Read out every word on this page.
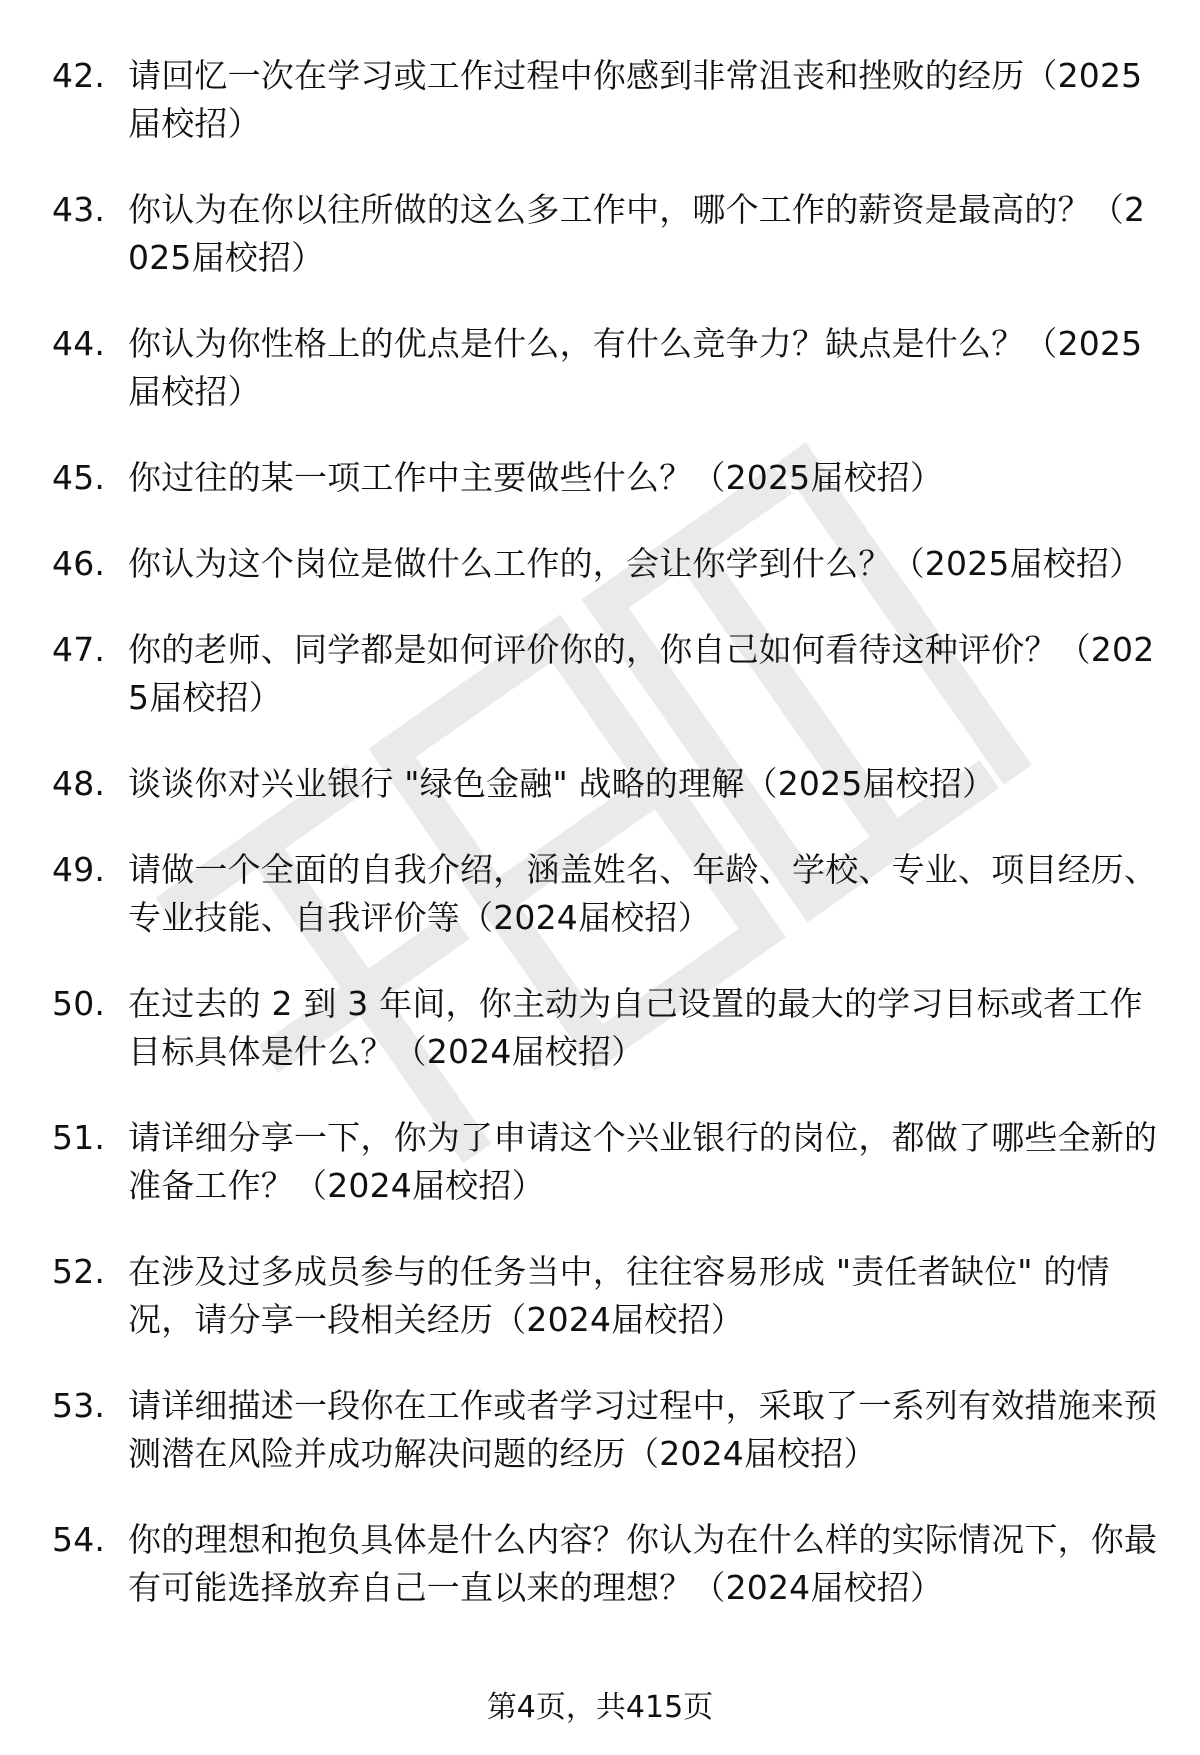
42. 请回忆一次在学习或工作过程中你感到非常沮丧和挫败的经历（2025届校招）
43. 你认为在你以往所做的这么多工作中，哪个工作的薪资是最高的？（2025届校招）
44. 你认为你性格上的优点是什么，有什么竞争力？缺点是什么？（2025届校招）
45. 你过往的某一项工作中主要做些什么？（2025届校招）
46. 你认为这个岗位是做什么工作的，会让你学到什么？（2025届校招）
47. 你的老师、同学都是如何评价你的，你自己如何看待这种评价？（2025届校招）
48. 谈谈你对兴业银行 "绿色金融" 战略的理解（2025届校招）
49. 请做一个全面的自我介绍，涵盖姓名、年龄、学校、专业、项目经历、专业技能、自我评价等（2024届校招）
50. 在过去的 2 到 3 年间，你主动为自己设置的最大的学习目标或者工作目标具体是什么？（2024届校招）
51. 请详细分享一下，你为了申请这个兴业银行的岗位，都做了哪些全新的准备工作？（2024届校招）
52. 在涉及过多成员参与的任务当中，往往容易形成 "责任者缺位" 的情况，请分享一段相关经历（2024届校招）
53. 请详细描述一段你在工作或者学习过程中，采取了一系列有效措施来预测潜在风险并成功解决问题的经历（2024届校招）
54. 你的理想和抱负具体是什么内容？你认为在什么样的实际情况下，你最有可能选择放弃自己一直以来的理想？（2024届校招）
第4页，共415页
